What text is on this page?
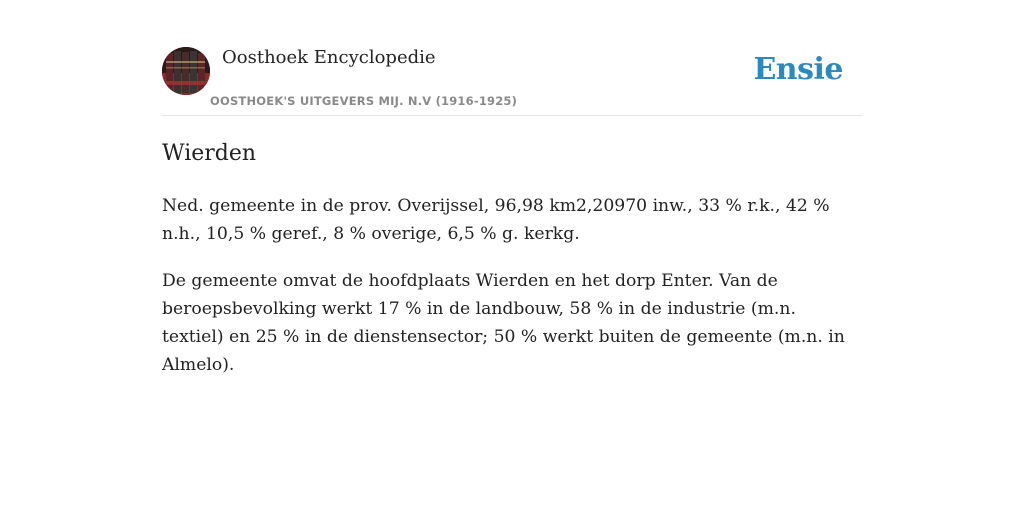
Oosthoek Encyclopedie
OOSTHOEK'S UITGEVERS MIJ. N.V (1916-1925)
Ensie
Wierden

Ned. gemeente in de prov. Overijssel, 96,98 km2,20970 inw., 33 % r.k., 42 % n.h., 10,5 % geref., 8 % overige, 6,5 % g. kerkg.

De gemeente omvat de hoofdplaats Wierden en het dorp Enter. Van de beroepsbevolking werkt 17 % in de landbouw, 58 % in de industrie (m.n. textiel) en 25 % in de dienstensector; 50 % werkt buiten de gemeente (m.n. in Almelo).
